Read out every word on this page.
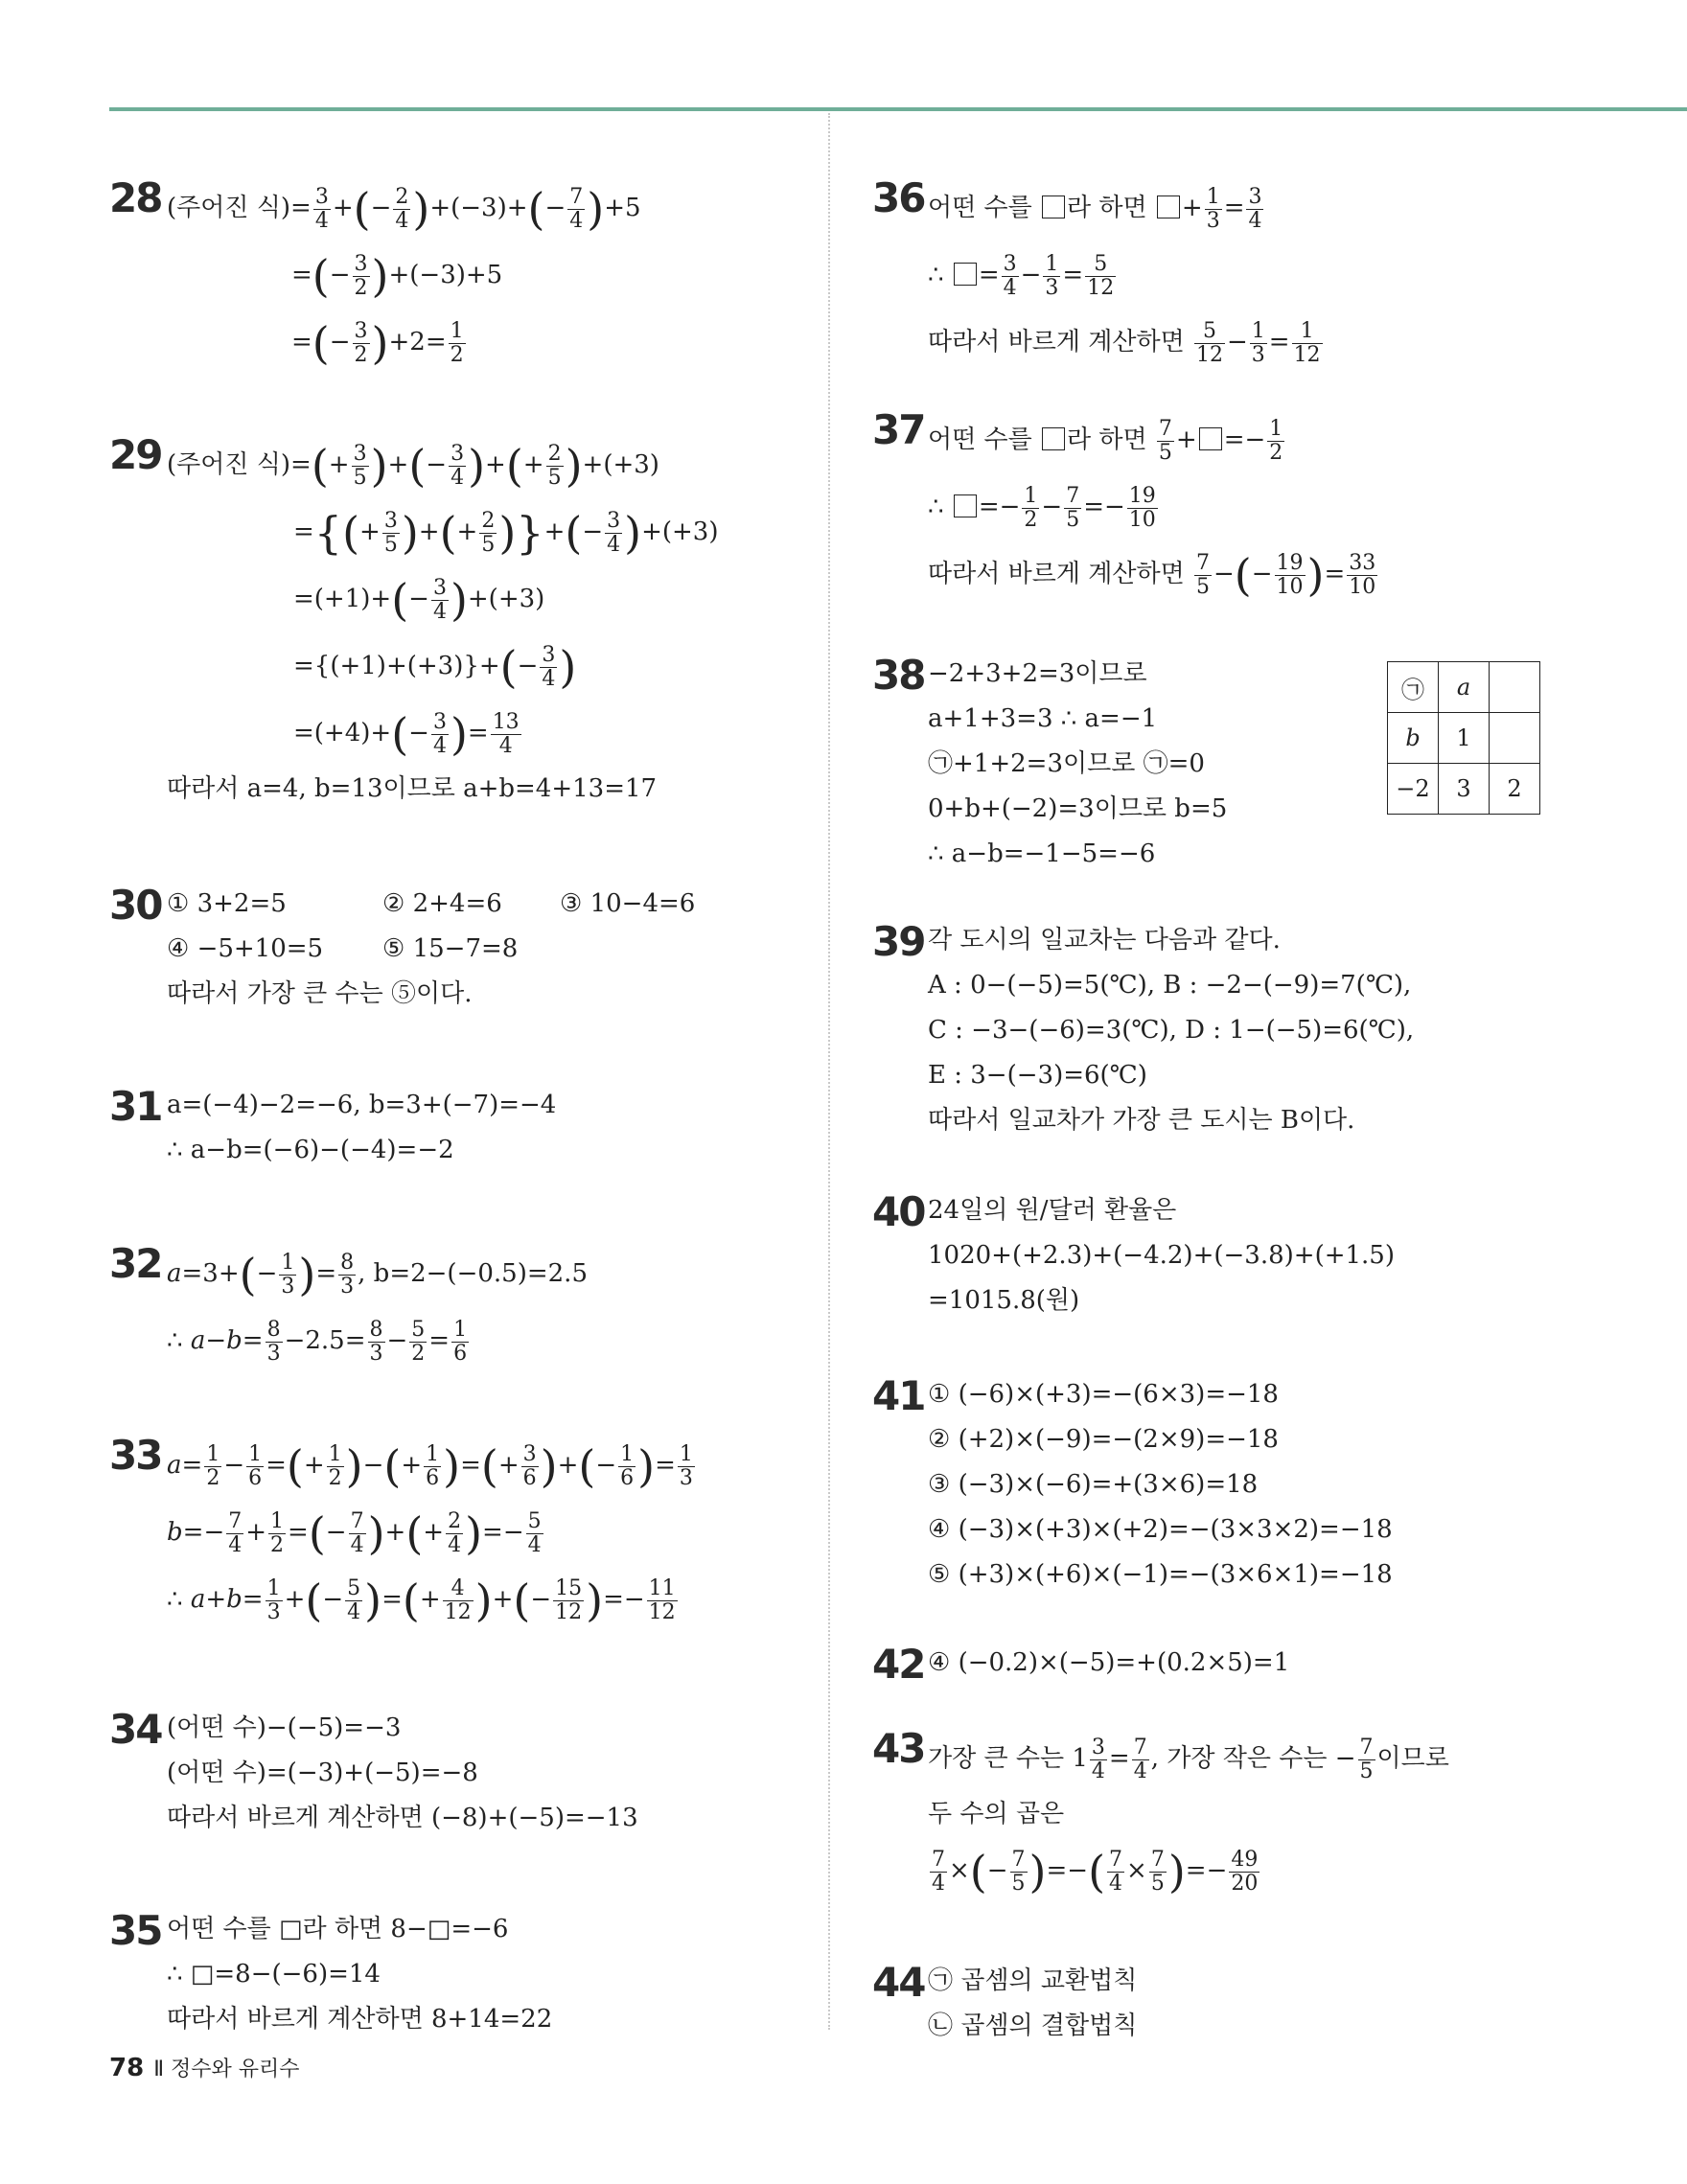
28 (주어진 식)= $\frac{3}{4}$ +(− $\frac{2}{4} )+(-3)+(- \frac{7}{4} )+5$
=(− $\frac{3}{2} )+(-3)+5$
=(− $\frac{3}{2} )+2= \frac{1}{2}$
29 (주어진 식)=(+ $\frac{3}{5}$ )+(− $\frac{3}{4}$ )+(+ $\frac{2}{5} )+(+3)$
={(+ $\frac{3}{5}$ )+(+ $\frac{2}{5}$ )}+(− $\frac{3}{4} )+(+3)$
$=(+1)+(- \frac{3}{4} )+(+3)$
$=\{(+1)+(+3)\}+(- \frac{3}{4}$ )
$=(+4)+(- \frac{3}{4}$ )= $\frac{13}{4}$
따라서 a=4, b=13이므로 a+b=4+13=17
30 ① 3+2=5	② 2+4=6 ③ 10−4=6
④ −5+10=5 ⑤ 15−7=8
따라서 가장 큰 수는 ⑤이다.
31 a=(−4)−2=−6, b=3+(−7)=−4
∴ a−b=(−6)−(−4)=−2
32 $a=3+(- \frac{1}{3}$ )= $\frac{8}{3}$ , b=2−(−0.5)=2.5
∴ $a-b= \frac{8}{3} -2.5= \frac{8}{3} - \frac{5}{2} = \frac{1}{6}$
33 $a= \frac{1}{2} - \frac{1}{6}$ =(+ $\frac{1}{2}$ )−(+ $\frac{1}{6}$ )=(+ $\frac{3}{6}$ )+(− $\frac{1}{6}$ )= $\frac{1}{3}$
$b=- \frac{7}{4} + \frac{1}{2}$ =(− $\frac{7}{4}$ )+(+ $\frac{2}{4}$ )=− $\frac{5}{4}$
∴ $a+b= \frac{1}{3}$ +(− $\frac{5}{4}$ )=(+ $\frac{4}{12}$ )+(− $\frac{15}{12}$ )=− $\frac{11}{12}$
34 (어떤 수)−(−5)=−3
(어떤 수)=(−3)+(−5)=−8
따라서 바르게 계산하면 (−8)+(−5)=−13
35 어떤 수를 □라 하면 8−□=−6
∴ □=8−(−6)=14
따라서 바르게 계산하면 8+14=22
36 어떤 수를 라 하면 + $\frac{1}{3} = \frac{3}{4}$
∴ = $\frac{3}{4} - \frac{1}{3} = \frac{5}{12}$
따라서 바르게 계산하면 $\frac{5}{12} - \frac{1}{3} = \frac{1}{12}$
37 어떤 수를 라 하면 $\frac{7}{5}$ + =− $\frac{1}{2}$
∴ =− $\frac{1}{2} - \frac{7}{5} =- \frac{19}{10}$
따라서 바르게 계산하면 $\frac{7}{5}$ −(− $\frac{19}{10}$ )= $\frac{33}{10}$
38 −2+3+2=3이므로
a+1+3=3 ∴ a=−1
㉠+1+2=3이므로 ㉠=0
0+b+(−2)=3이므로 b=5
∴ a−b=−1−5=−6
㉠	a	
b	1	
−2	3	2
39 각 도시의 일교차는 다음과 같다.
A : 0−(−5)=5(℃), B : −2−(−9)=7(℃),
C : −3−(−6)=3(℃), D : 1−(−5)=6(℃),
E : 3−(−3)=6(℃)
따라서 일교차가 가장 큰 도시는 B이다.
40 24일의 원/달러 환율은
1020+(+2.3)+(−4.2)+(−3.8)+(+1.5)
=1015.8(원)
41 ① (−6)×(+3)=−(6×3)=−18
② (+2)×(−9)=−(2×9)=−18
③ (−3)×(−6)=+(3×6)=18
④ (−3)×(+3)×(+2)=−(3×3×2)=−18
⑤ (+3)×(+6)×(−1)=−(3×6×1)=−18
42 ④ (−0.2)×(−5)=+(0.2×5)=1
43 가장 큰 수는 $1 \frac{3}{4} = \frac{7}{4}$ , 가장 작은 수는 − $\frac{7}{5}$ 이므로
두 수의 곱은
$\frac{7}{4}$ ×(− $\frac{7}{5}$ )=−( $\frac{7}{4} \times \frac{7}{5}$ )=− $\frac{49}{20}$
44 ㉠ 곱셈의 교환법칙
㉡ 곱셈의 결합법칙
78 Ⅱ 정수와 유리수
